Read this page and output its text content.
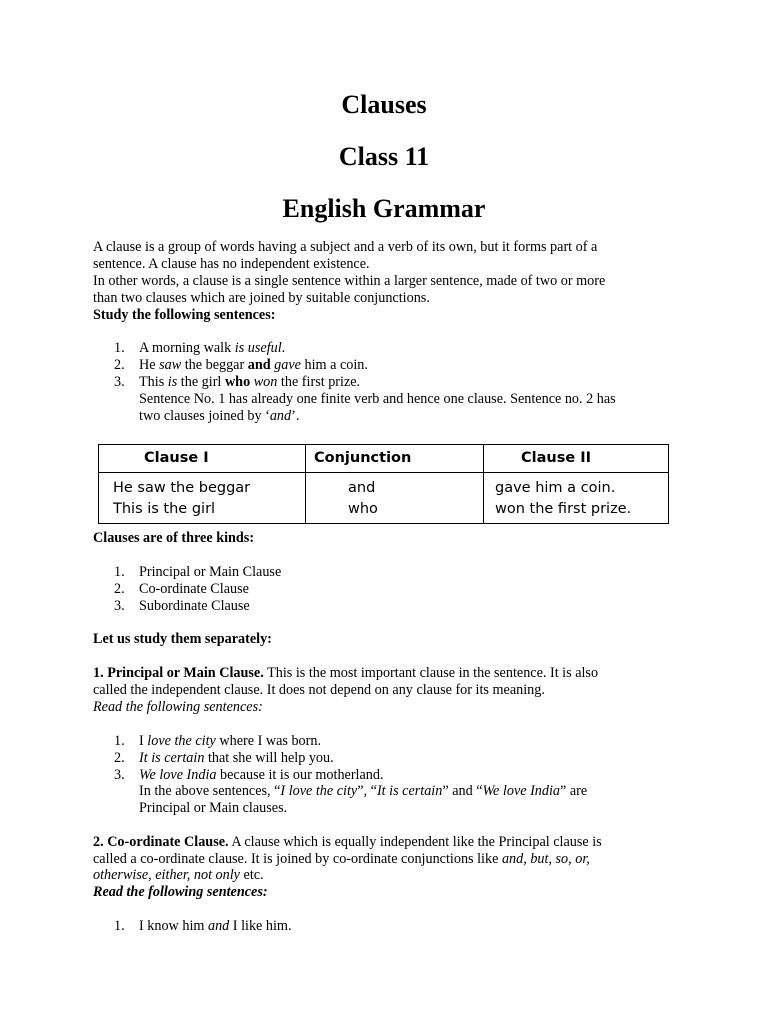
Clauses
Class 11
English Grammar
A clause is a group of words having a subject and a verb of its own, but it forms part of a
sentence. A clause has no independent existence.
In other words, a clause is a single sentence within a larger sentence, made of two or more
than two clauses which are joined by suitable conjunctions.
Study the following sentences:
1. A morning walk is useful.
2. He saw the beggar and gave him a coin.
3. This is the girl who won the first prize.
Sentence No. 1 has already one finite verb and hence one clause. Sentence no. 2 has
two clauses joined by ‘and’.
Clause I	Conjunction	Clause II
He saw the beggar	and	gave him a coin.
This is the girl	who	won the first prize.
Clauses are of three kinds:
1. Principal or Main Clause
2. Co-ordinate Clause
3. Subordinate Clause
Let us study them separately:
1. Principal or Main Clause. This is the most important clause in the sentence. It is also
called the independent clause. It does not depend on any clause for its meaning.
Read the following sentences:
1. I love the city where I was born.
2. It is certain that she will help you.
3. We love India because it is our motherland.
In the above sentences, “I love the city”, “It is certain” and “We love India” are
Principal or Main clauses.
2. Co-ordinate Clause. A clause which is equally independent like the Principal clause is
called a co-ordinate clause. It is joined by co-ordinate conjunctions like and, but, so, or,
otherwise, either, not only etc.
Read the following sentences:
1. I know him and I like him.
